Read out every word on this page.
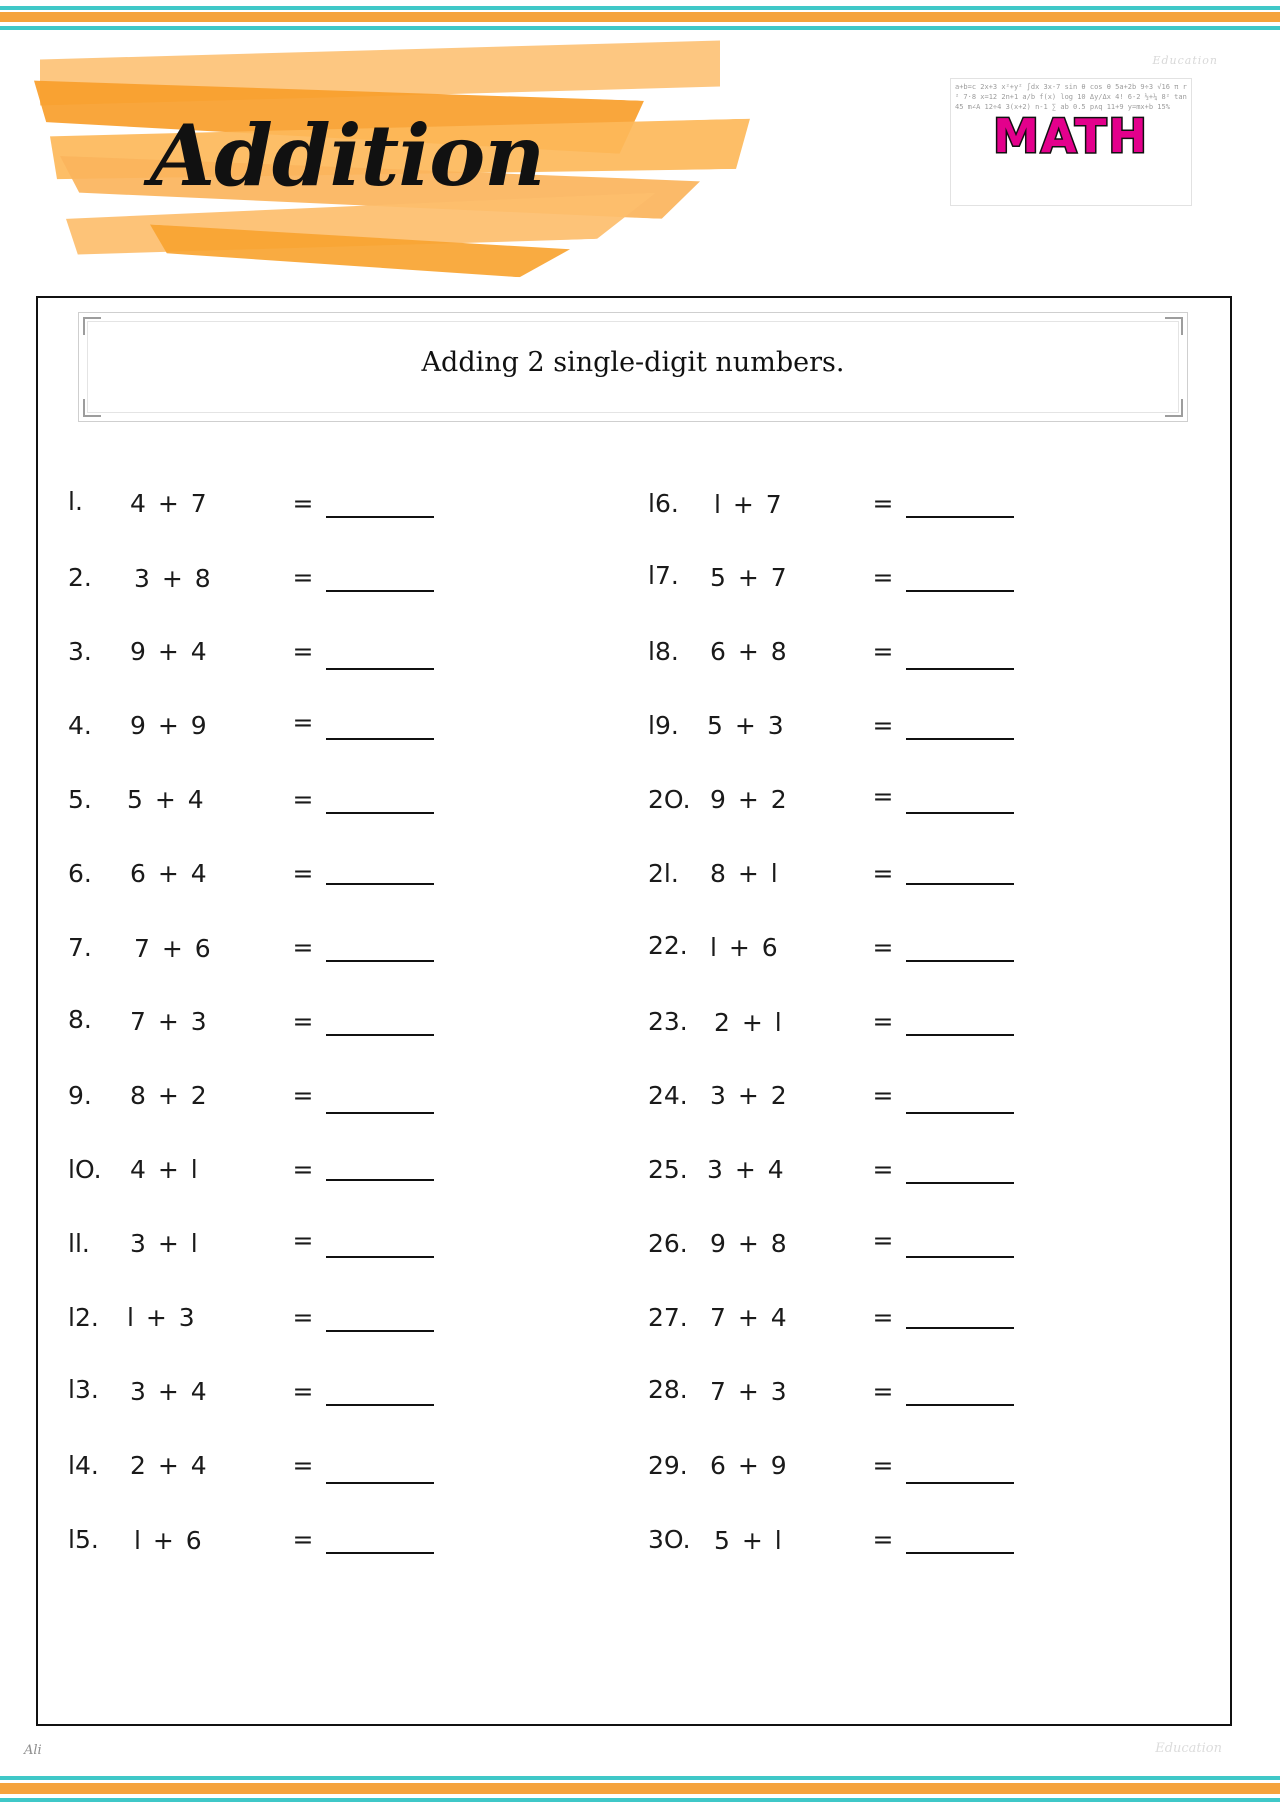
Addition
a+b=c 2x+3 x²+y² ∫dx 3x-7 sin θ cos θ 5a+2b 9÷3 √16 π r² 7·8 x=12 2n+1 a/b f(x) log 10 Δy/Δx 4! 6-2 ½+¼ 8² tan 45 m∠A 12÷4 3(x+2) n-1 ∑ ab 0.5 p∧q 11+9 y=mx+b 15%
MATH
Education
Adding 2 single-digit numbers.
l.	4 + 7	=
2.	3 + 8	=
3.	9 + 4	=
4.	9 + 9	=
5.	5 + 4	=
6.	6 + 4	=
7.	7 + 6	=
8.	7 + 3	=
9.	8 + 2	=
lO.	4 + l	=
ll.	3 + l	=
l2.	l + 3	=
l3.	3 + 4	=
l4.	2 + 4	=
l5.	l + 6	=
l6.	l + 7	=
l7.	5 + 7	=
l8.	6 + 8	=
l9.	5 + 3	=
2O. 9 + 2	=
2l.	8 + l	=
22. l + 6	=
23.	2 + l	=
24. 3 + 2	=
25. 3 + 4	=
26. 9 + 8	=
27. 7 + 4	=
28. 7 + 3	=
29. 6 + 9	=
3O. 5 + l	=
Ali	Education
